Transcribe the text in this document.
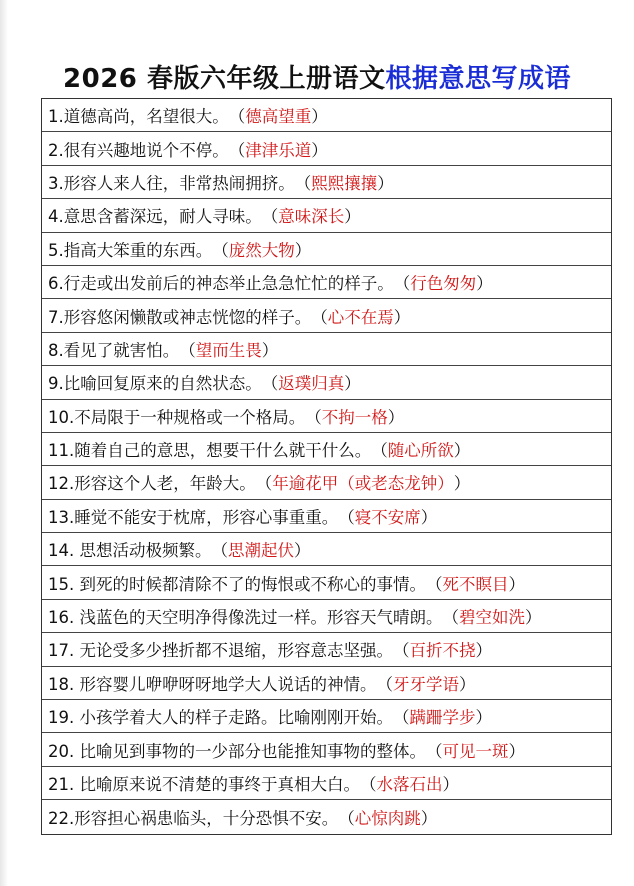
2026 春版六年级上册语文根据意思写成语
1.道德高尚，名望很大。 （ 德高望重 ）
2.很有兴趣地说个不停。 （ 津津乐道 ）
3.形容人来人往，非常热闹拥挤。 （ 熙熙攘攘 ）
4.意思含蓄深远，耐人寻味。 （ 意味深长 ）
5.指高大笨重的东西。 （ 庞然大物 ）
6.行走或出发前后的神态举止急急忙忙的样子。 （ 行色匆匆 ）
7.形容悠闲懒散或神志恍惚的样子。 （ 心不在焉 ）
8.看见了就害怕。 （ 望而生畏 ）
9.比喻回复原来的自然状态。 （ 返璞归真 ）
10.不局限于一种规格或一个格局。 （ 不拘一格 ）
11.随着自己的意思，想要干什么就干什么。 （ 随心所欲 ）
12.形容这个人老，年龄大。 （ 年逾花甲（或老态龙钟） ）
13.睡觉不能安于枕席，形容心事重重。 （ 寝不安席 ）
14. 思想活动极频繁。 （ 思潮起伏 ）
15. 到死的时候都清除不了的悔恨或不称心的事情。 （ 死不瞑目 ）
16. 浅蓝色的天空明净得像洗过一样。形容天气晴朗。 （ 碧空如洗 ）
17. 无论受多少挫折都不退缩，形容意志坚强。 （ 百折不挠 ）
18. 形容婴儿咿咿呀呀地学大人说话的神情。 （ 牙牙学语 ）
19. 小孩学着大人的样子走路。比喻刚刚开始。 （ 蹒跚学步 ）
20. 比喻见到事物的一少部分也能推知事物的整体。 （ 可见一斑 ）
21. 比喻原来说不清楚的事终于真相大白。 （ 水落石出 ）
22.形容担心祸患临头，十分恐惧不安。 （ 心惊肉跳 ）
